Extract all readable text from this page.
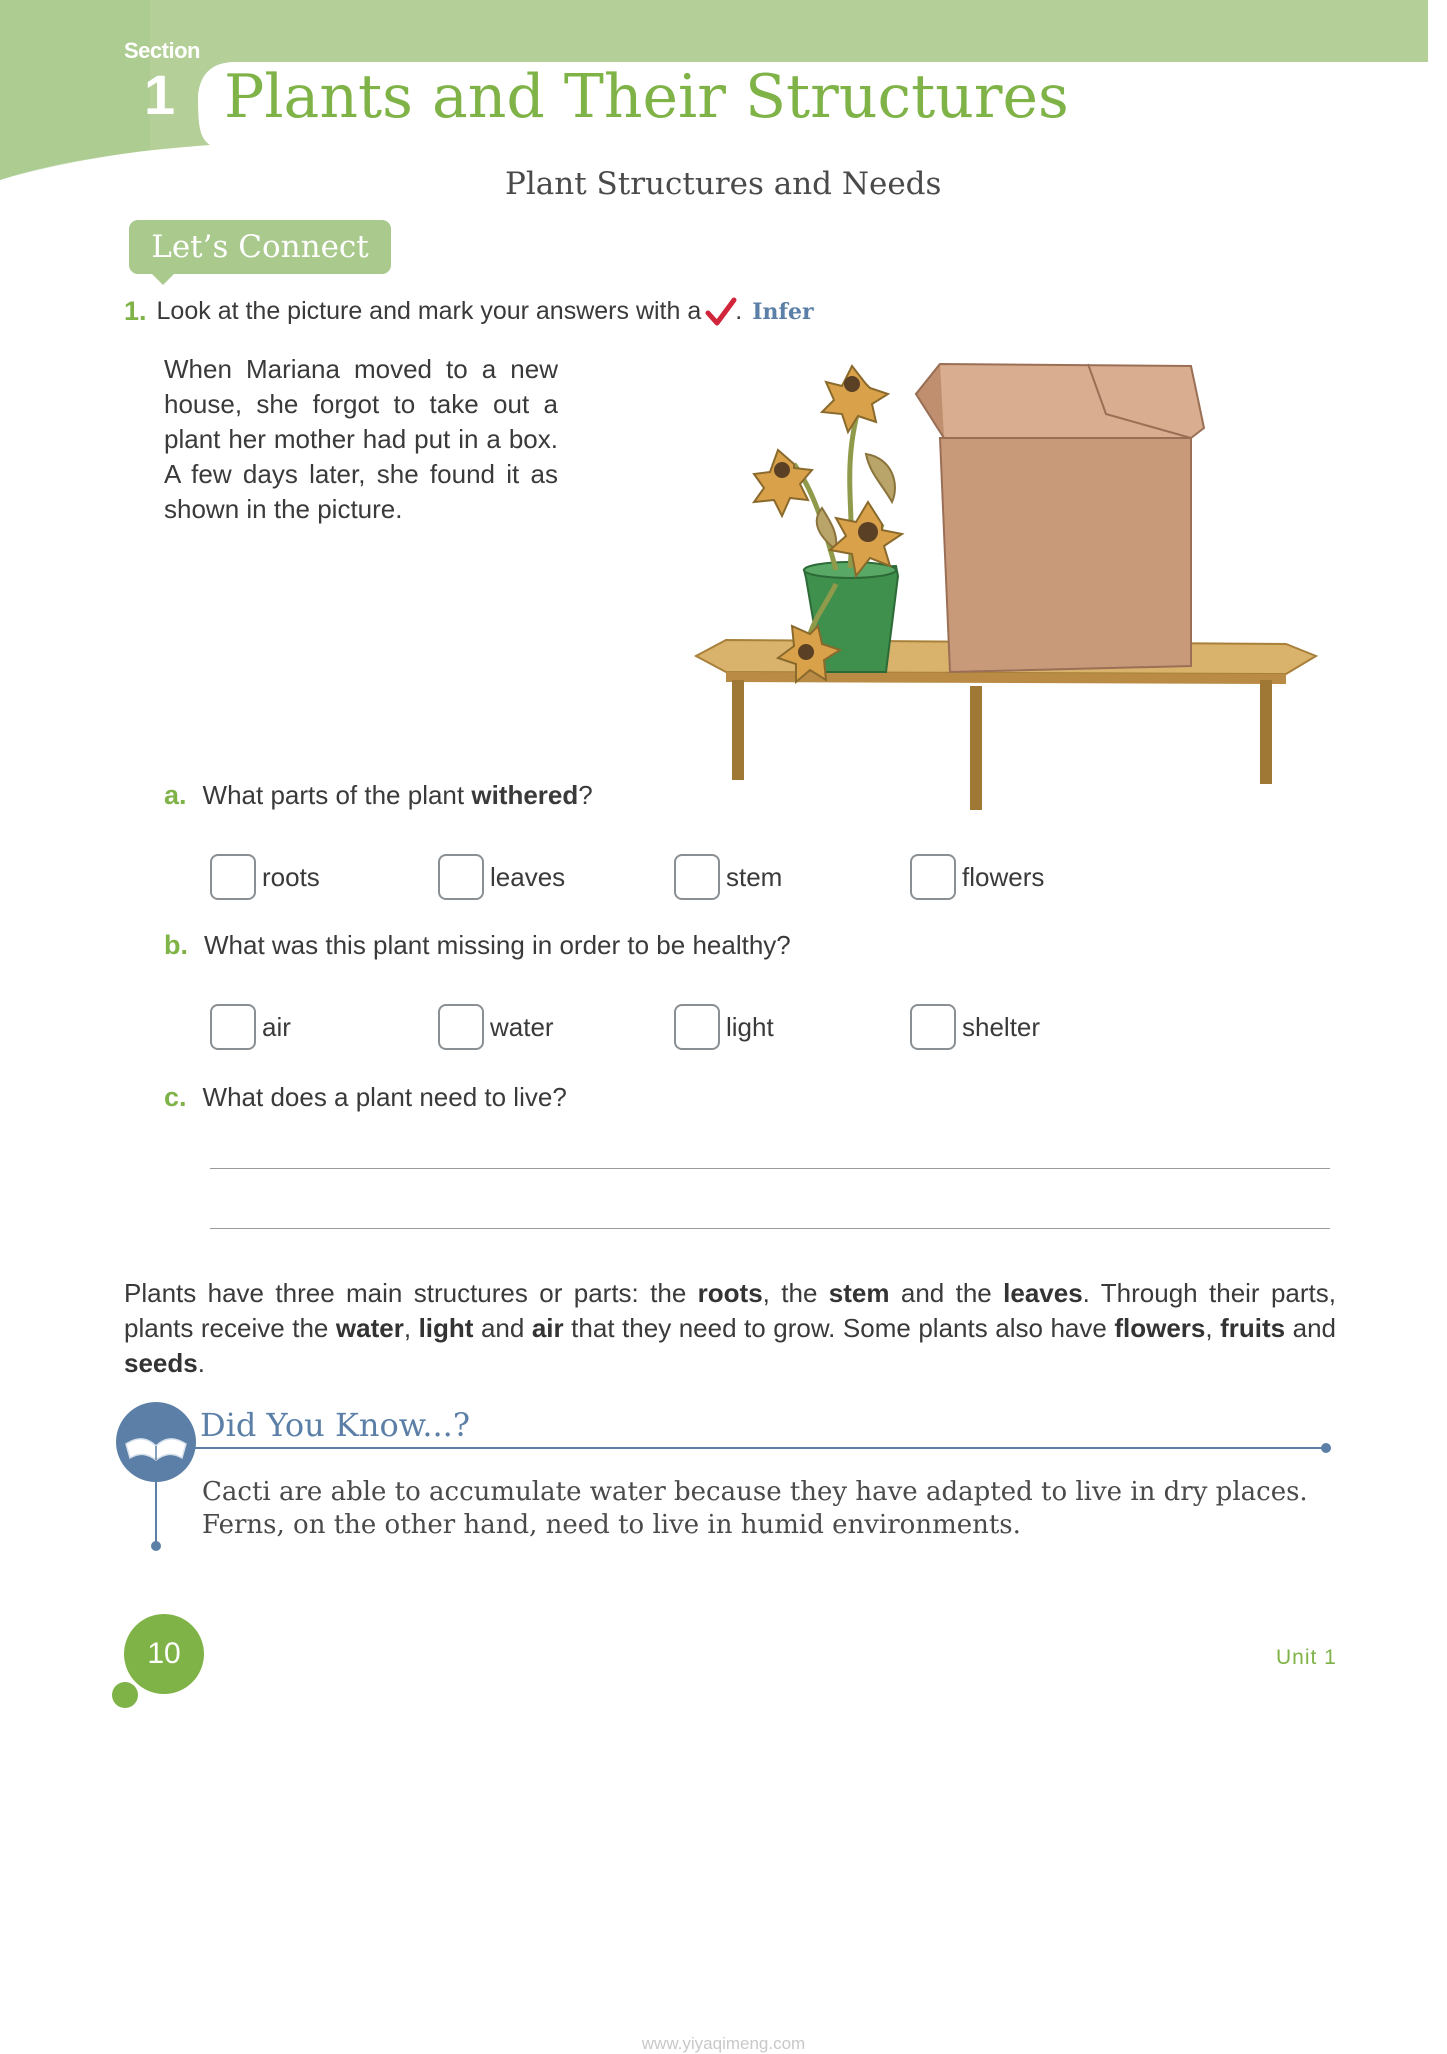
Section
1 Plants and Their Structures
Plant Structures and Needs
Let’s Connect
1. Look at the picture and mark your answers with a . Infer
When Mariana moved to a new house, she forgot to take out a plant her mother had put in a box. A few days later, she found it as shown in the picture.
a. What parts of the plant withered?
roots	leaves	stem	flowers
b. What was this plant missing in order to be healthy?
air	water	light	shelter
c. What does a plant need to live?
Plants have three main structures or parts: the roots, the stem and the leaves. Through their parts, plants receive the water, light and air that they need to grow. Some plants also have flowers, fruits and seeds.
Did You Know...?
Cacti are able to accumulate water because they have adapted to live in dry places. Ferns, on the other hand, need to live in humid environments.
10	Unit 1
www.yiyaqimeng.com
